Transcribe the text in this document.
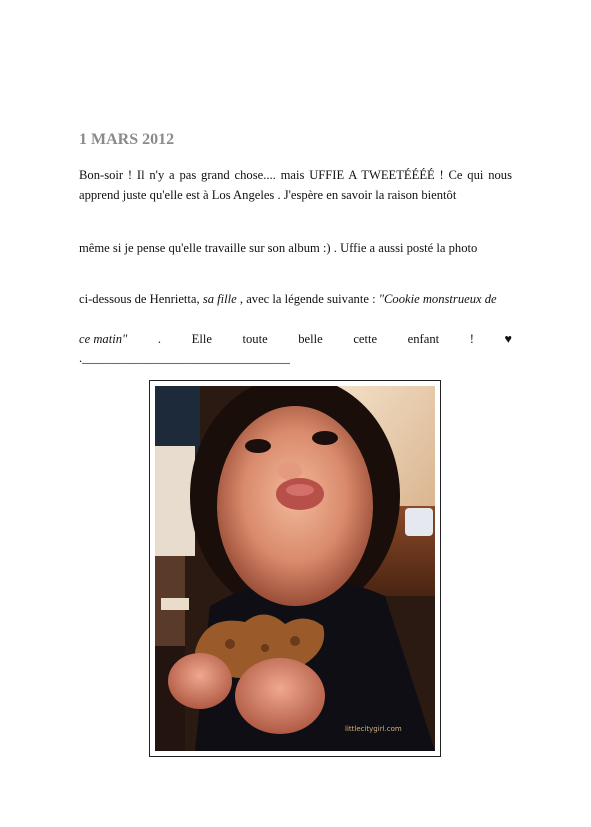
1 MARS 2012

Bon-soir ! Il n'y a pas grand chose.... mais UFFIE A TWEETÉÉÉÉ ! Ce qui nous apprend juste qu'elle est à Los Angeles . J'espère en savoir la raison bientôt

même si je pense qu'elle travaille sur son album :) . Uffie a aussi posté la photo

ci-dessous de Henrietta, sa fille , avec la légende suivante : "Cookie monstrueux de

ce matin" . Elle toute belle cette enfant ! ♥
._________________________________
littlecitygirl.com
